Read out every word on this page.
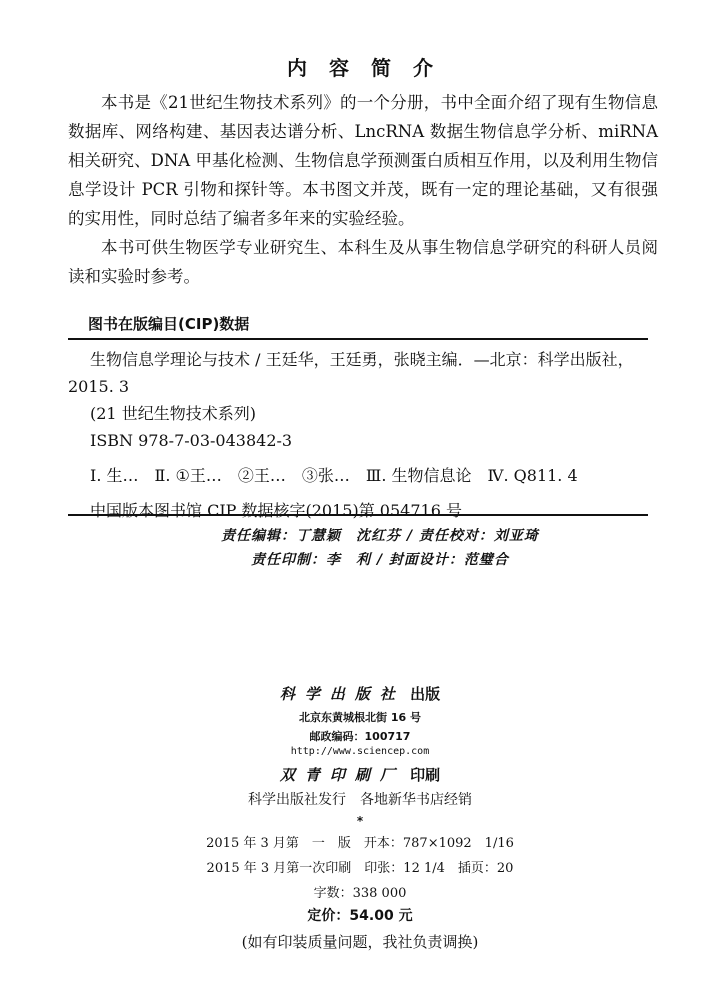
内容简介

本书是《21世纪生物技术系列》的一个分册，书中全面介绍了现有生物信息数据库、网络构建、基因表达谱分析、LncRNA 数据生物信息学分析、miRNA 相关研究、DNA 甲基化检测、生物信息学预测蛋白质相互作用，以及利用生物信息学设计 PCR 引物和探针等。本书图文并茂，既有一定的理论基础，又有很强的实用性，同时总结了编者多年来的实验经验。

本书可供生物医学专业研究生、本科生及从事生物信息学研究的科研人员阅读和实验时参考。

图书在版编目(CIP)数据
生物信息学理论与技术 / 王廷华，王廷勇，张晓主编．—北京：科学出版社，2015. 3
(21 世纪生物技术系列)
ISBN 978-7-03-043842-3
Ⅰ. 生…　Ⅱ. ①王…　②王…　③张…　Ⅲ. 生物信息论　Ⅳ. Q811. 4
中国版本图书馆 CIP 数据核字(2015)第 054716 号
责任编辑：丁慧颖　沈红芬 / 责任校对：刘亚琦
责任印制：李　利 / 封面设计：范璧合
科学出版社 出版
北京东黄城根北街 16 号
邮政编码：100717
http://www.sciencep.com
双青印刷厂 印刷
科学出版社发行　各地新华书店经销
*
2015 年 3 月第　一　版　开本：787×1092　1/16
2015 年 3 月第一次印刷　印张：12 1/4　插页：20
字数：338 000
定价：54.00 元
(如有印装质量问题，我社负责调换)
